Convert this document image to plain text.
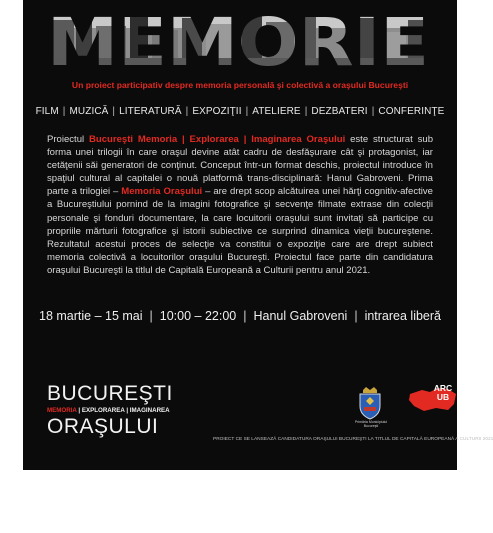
MEMORIE
Un proiect participativ despre memoria personală şi colectivă a oraşului Bucureşti
FILM | MUZICĂ | LITERATURĂ | EXPOZIŢII | ATELIERE | DEZBATERI | CONFERINŢE
Proiectul Bucureşti Memoria | Explorarea | Imaginarea Oraşului este structurat sub forma unei trilogii în care oraşul devine atât cadru de desfăşurare cât şi protagonist, iar cetăţenii săi generatori de conţinut. Conceput într-un format deschis, proiectul introduce în spaţiul cultural al capitalei o nouă platformă trans-disciplinară: Hanul Gabroveni. Prima parte a trilogiei – Memoria Oraşului – are drept scop alcătuirea unei hărţi cognitiv-afective a Bucureştiului pornind de la imagini fotografice şi secvenţe filmate extrase din colecţii personale şi fonduri documentare, la care locuitorii oraşului sunt invitaţi să participe cu propriile mărturii fotografice şi istorii subiective ce surprind dinamica vieţii bucureştene. Rezultatul acestui proces de selecţie va constitui o expoziţie care are drept subiect memoria colectivă a locuitorilor oraşului Bucureşti. Proiectul face parte din candidatura oraşului Bucureşti la titlul de Capitală Europeană a Culturii pentru anul 2021.
18 martie – 15 mai | 10:00 – 22:00 | Hanul Gabroveni | intrarea liberă
BUCUREŞTI
MEMORIA | EXPLORAREA | IMAGINAREA
ORAŞULUI	Primăria Municipiului Bucureşti
ARC
UB
PROIECT CE SE LANSEAZĂ CANDIDATURA ORAŞULUI BUCUREŞTI LA TITLUL DE CAPITALĂ EUROPEANĂ A CULTURII 2021
